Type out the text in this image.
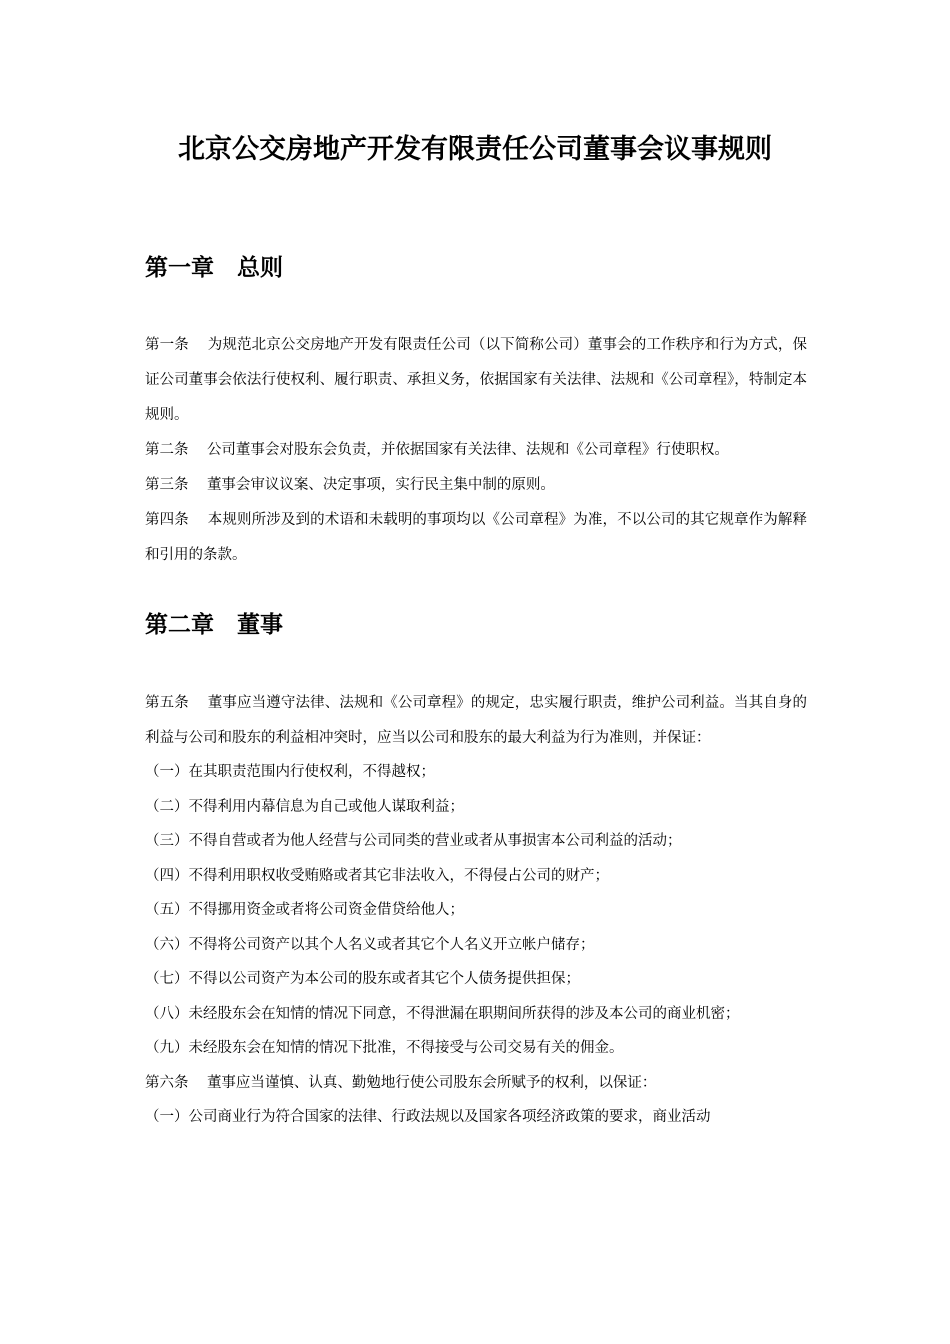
北京公交房地产开发有限责任公司董事会议事规则
第一章　总则

第一条 为规范北京公交房地产开发有限责任公司（以下简称公司）董事会的工作秩序和行为方式，保证公司董事会依法行使权利、履行职责、承担义务，依据国家有关法律、法规和《公司章程》，特制定本规则。

第二条 公司董事会对股东会负责，并依据国家有关法律、法规和《公司章程》行使职权。

第三条 董事会审议议案、决定事项，实行民主集中制的原则。

第四条 本规则所涉及到的术语和未载明的事项均以《公司章程》为准，不以公司的其它规章作为解释和引用的条款。

第二章　董事

第五条 董事应当遵守法律、法规和《公司章程》的规定，忠实履行职责，维护公司利益。当其自身的利益与公司和股东的利益相冲突时，应当以公司和股东的最大利益为行为准则，并保证：

（一）在其职责范围内行使权利，不得越权；

（二）不得利用内幕信息为自己或他人谋取利益；

（三）不得自营或者为他人经营与公司同类的营业或者从事损害本公司利益的活动；

（四）不得利用职权收受贿赂或者其它非法收入，不得侵占公司的财产；

（五）不得挪用资金或者将公司资金借贷给他人；

（六）不得将公司资产以其个人名义或者其它个人名义开立帐户储存；

（七）不得以公司资产为本公司的股东或者其它个人债务提供担保；

（八）未经股东会在知情的情况下同意，不得泄漏在职期间所获得的涉及本公司的商业机密；

（九）未经股东会在知情的情况下批准，不得接受与公司交易有关的佣金。

第六条 董事应当谨慎、认真、勤勉地行使公司股东会所赋予的权利，以保证：

（一）公司商业行为符合国家的法律、行政法规以及国家各项经济政策的要求，商业活动
